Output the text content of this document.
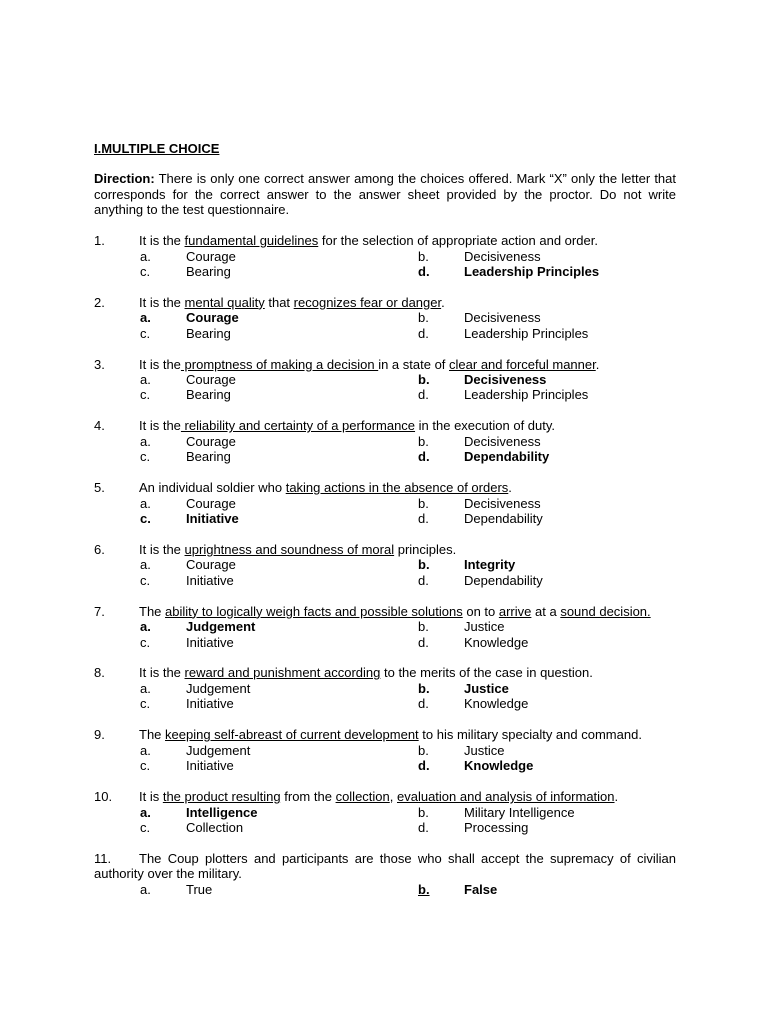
I.MULTIPLE CHOICE

Direction: There is only one correct answer among the choices offered. Mark “X” only the letter that corresponds for the correct answer to the answer sheet provided by the proctor. Do not write anything to the test questionnaire.

1.	It is the fundamental guidelines for the selection of appropriate action and order.
a.	Courage	b.	Decisiveness
c.	Bearing	d.	Leadership Principles
2.	It is the mental quality that recognizes fear or danger.
a.	Courage	b.	Decisiveness
c.	Bearing	d.	Leadership Principles
3.	It is the promptness of making a decision in a state of clear and forceful manner.
a.	Courage	b.	Decisiveness
c.	Bearing	d.	Leadership Principles
4.	It is the reliability and certainty of a performance in the execution of duty.
a.	Courage	b.	Decisiveness
c.	Bearing	d.	Dependability
5.	An individual soldier who taking actions in the absence of orders.
a.	Courage	b.	Decisiveness
c.	Initiative	d.	Dependability
6.	It is the uprightness and soundness of moral principles.
a.	Courage	b.	Integrity
c.	Initiative	d.	Dependability
7.	The ability to logically weigh facts and possible solutions on to arrive at a sound decision.
a.	Judgement	b.	Justice
c.	Initiative	d.	Knowledge
8.	It is the reward and punishment according to the merits of the case in question.
a.	Judgement	b.	Justice
c.	Initiative	d.	Knowledge
9.	The keeping self-abreast of current development to his military specialty and command.
a.	Judgement	b.	Justice
c.	Initiative	d.	Knowledge
10.	It is the product resulting from the collection, evaluation and analysis of information.
a.	Intelligence	b.	Military Intelligence
c.	Collection	d.	Processing
11.	The Coup plotters and participants are those who shall accept the supremacy of civilian authority over the military.
a.	True	b.	False
